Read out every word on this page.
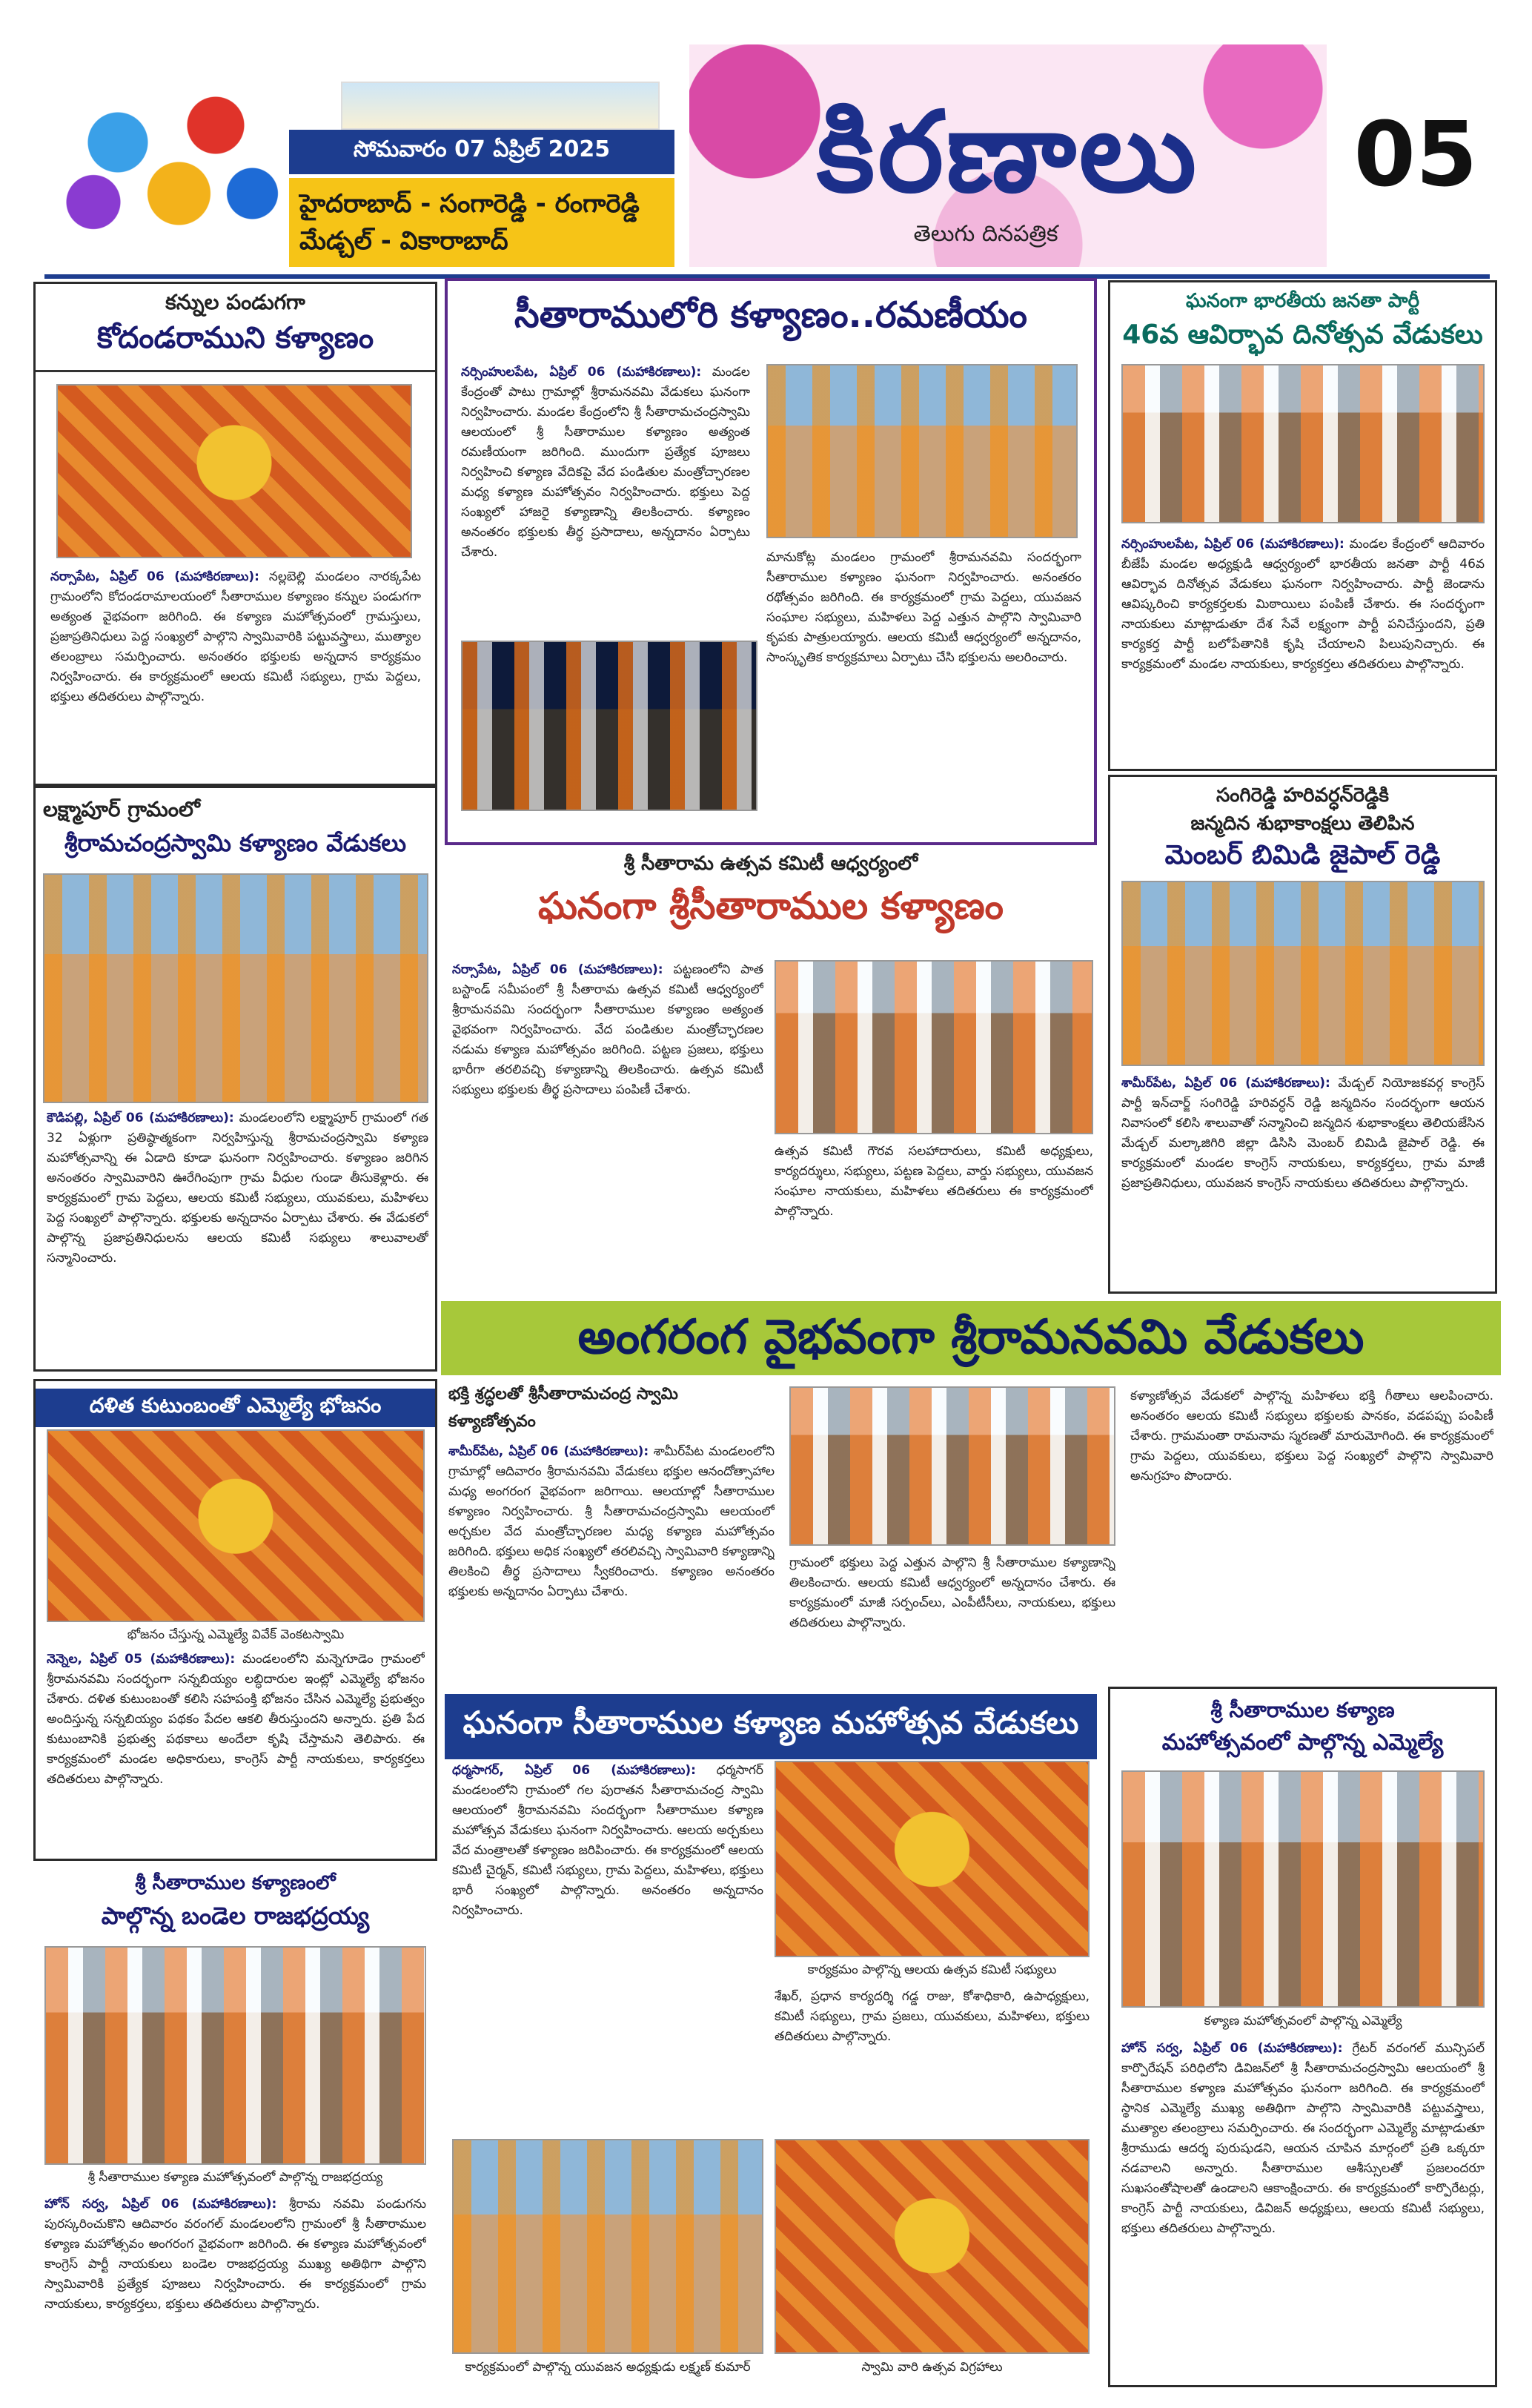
సోమవారం 07 ఏప్రిల్ 2025
హైదరాబాద్ - సంగారెడ్డి - రంగారెడ్డి
మేడ్చల్ - వికారాబాద్
కిరణాలు
తెలుగు దినపత్రిక
05
కన్నుల పండుగగా
కోదండరాముని కళ్యాణం
నర్సాపేట, ఏప్రిల్ 06 (మహాకిరణాలు): నల్లబెల్లి మండలం నారక్కపేట గ్రామంలోని కోదండరామాలయంలో సీతారాముల కళ్యాణం కన్నుల పండుగగా అత్యంత వైభవంగా జరిగింది. ఈ కళ్యాణ మహోత్సవంలో గ్రామస్తులు, ప్రజాప్రతినిధులు పెద్ద సంఖ్యలో పాల్గొని స్వామివారికి పట్టువస్త్రాలు, ముత్యాల తలంబ్రాలు సమర్పించారు. అనంతరం భక్తులకు అన్నదాన కార్యక్రమం నిర్వహించారు. ఈ కార్యక్రమంలో ఆలయ కమిటీ సభ్యులు, గ్రామ పెద్దలు, భక్తులు తదితరులు పాల్గొన్నారు.
సీతారాములోరి కళ్యాణం..రమణీయం
నర్సింహులపేట, ఏప్రిల్ 06 (మహాకిరణాలు): మండల కేంద్రంతో పాటు గ్రామాల్లో శ్రీరామనవమి వేడుకలు ఘనంగా నిర్వహించారు. మండల కేంద్రంలోని శ్రీ సీతారామచంద్రస్వామి ఆలయంలో శ్రీ సీతారాముల కళ్యాణం అత్యంత రమణీయంగా జరిగింది. ముందుగా ప్రత్యేక పూజలు నిర్వహించి కళ్యాణ వేదికపై వేద పండితుల మంత్రోచ్ఛారణల మధ్య కళ్యాణ మహోత్సవం నిర్వహించారు. భక్తులు పెద్ద సంఖ్యలో హాజరై కళ్యాణాన్ని తిలకించారు. కళ్యాణం అనంతరం భక్తులకు తీర్థ ప్రసాదాలు, అన్నదానం ఏర్పాటు చేశారు.	మానుకోట్ల మండలం గ్రామంలో శ్రీరామనవమి సందర్భంగా సీతారాముల కళ్యాణం ఘనంగా నిర్వహించారు. అనంతరం రథోత్సవం జరిగింది. ఈ కార్యక్రమంలో గ్రామ పెద్దలు, యువజన సంఘాల సభ్యులు, మహిళలు పెద్ద ఎత్తున పాల్గొని స్వామివారి కృపకు పాత్రులయ్యారు. ఆలయ కమిటీ ఆధ్వర్యంలో అన్నదానం, సాంస్కృతిక కార్యక్రమాలు ఏర్పాటు చేసి భక్తులను అలరించారు.
ఘనంగా భారతీయ జనతా పార్టీ
46వ ఆవిర్భావ దినోత్సవ వేడుకలు
నర్సింహులపేట, ఏప్రిల్ 06 (మహాకిరణాలు): మండల కేంద్రంలో ఆదివారం బీజేపీ మండల అధ్యక్షుడి ఆధ్వర్యంలో భారతీయ జనతా పార్టీ 46వ ఆవిర్భావ దినోత్సవ వేడుకలు ఘనంగా నిర్వహించారు. పార్టీ జెండాను ఆవిష్కరించి కార్యకర్తలకు మిఠాయిలు పంపిణీ చేశారు. ఈ సందర్భంగా నాయకులు మాట్లాడుతూ దేశ సేవే లక్ష్యంగా పార్టీ పనిచేస్తుందని, ప్రతి కార్యకర్త పార్టీ బలోపేతానికి కృషి చేయాలని పిలుపునిచ్చారు. ఈ కార్యక్రమంలో మండల నాయకులు, కార్యకర్తలు తదితరులు పాల్గొన్నారు.
లక్ష్మాపూర్ గ్రామంలో
శ్రీరామచంద్రస్వామి కళ్యాణం వేడుకలు
కౌడిపల్లి, ఏప్రిల్ 06 (మహాకిరణాలు): మండలంలోని లక్ష్మాపూర్ గ్రామంలో గత 32 ఏళ్లుగా ప్రతిష్ఠాత్మకంగా నిర్వహిస్తున్న శ్రీరామచంద్రస్వామి కళ్యాణ మహోత్సవాన్ని ఈ ఏడాది కూడా ఘనంగా నిర్వహించారు. కళ్యాణం జరిగిన అనంతరం స్వామివారిని ఊరేగింపుగా గ్రామ వీధుల గుండా తీసుకెళ్లారు. ఈ కార్యక్రమంలో గ్రామ పెద్దలు, ఆలయ కమిటీ సభ్యులు, యువకులు, మహిళలు పెద్ద సంఖ్యలో పాల్గొన్నారు. భక్తులకు అన్నదానం ఏర్పాటు చేశారు. ఈ వేడుకలో పాల్గొన్న ప్రజాప్రతినిధులను ఆలయ కమిటీ సభ్యులు శాలువాలతో సన్మానించారు.
శ్రీ సీతారామ ఉత్సవ కమిటీ ఆధ్వర్యంలో
ఘనంగా శ్రీసీతారాముల కళ్యాణం
నర్సాపేట, ఏప్రిల్ 06 (మహాకిరణాలు): పట్టణంలోని పాత బస్టాండ్ సమీపంలో శ్రీ సీతారామ ఉత్సవ కమిటీ ఆధ్వర్యంలో శ్రీరామనవమి సందర్భంగా సీతారాముల కళ్యాణం అత్యంత వైభవంగా నిర్వహించారు. వేద పండితుల మంత్రోచ్ఛారణల నడుమ కళ్యాణ మహోత్సవం జరిగింది. పట్టణ ప్రజలు, భక్తులు భారీగా తరలివచ్చి కళ్యాణాన్ని తిలకించారు. ఉత్సవ కమిటీ సభ్యులు భక్తులకు తీర్థ ప్రసాదాలు పంపిణీ చేశారు.
ఉత్సవ కమిటీ గౌరవ సలహాదారులు, కమిటీ అధ్యక్షులు, కార్యదర్శులు, సభ్యులు, పట్టణ పెద్దలు, వార్డు సభ్యులు, యువజన సంఘాల నాయకులు, మహిళలు తదితరులు ఈ కార్యక్రమంలో పాల్గొన్నారు.
సంగిరెడ్డి హరివర్ధన్‌రెడ్డికి
జన్మదిన శుభాకాంక్షలు తెలిపిన
మెంబర్ బిమిడి జైపాల్ రెడ్డి
శామీర్‌పేట, ఏప్రిల్ 06 (మహాకిరణాలు): మేడ్చల్ నియోజకవర్గ కాంగ్రెస్ పార్టీ ఇన్‌చార్జ్ సంగిరెడ్డి హరివర్ధన్ రెడ్డి జన్మదినం సందర్భంగా ఆయన నివాసంలో కలిసి శాలువాతో సన్మానించి జన్మదిన శుభాకాంక్షలు తెలియజేసిన మేడ్చల్ మల్కాజిగిరి జిల్లా డిసిసి మెంబర్ బిమిడి జైపాల్ రెడ్డి. ఈ కార్యక్రమంలో మండల కాంగ్రెస్ నాయకులు, కార్యకర్తలు, గ్రామ మాజీ ప్రజాప్రతినిధులు, యువజన కాంగ్రెస్ నాయకులు తదితరులు పాల్గొన్నారు.
అంగరంగ వైభవంగా శ్రీరామనవమి వేడుకలు
భక్తి శ్రద్ధలతో శ్రీసీతారామచంద్ర స్వామి
కళ్యాణోత్సవం
శామీర్‌పేట, ఏప్రిల్ 06 (మహాకిరణాలు): శామీర్‌పేట మండలంలోని గ్రామాల్లో ఆదివారం శ్రీరామనవమి వేడుకలు భక్తుల ఆనందోత్సాహాల మధ్య అంగరంగ వైభవంగా జరిగాయి. ఆలయాల్లో సీతారాముల కళ్యాణం నిర్వహించారు. శ్రీ సీతారామచంద్రస్వామి ఆలయంలో అర్చకుల వేద మంత్రోచ్ఛారణల మధ్య కళ్యాణ మహోత్సవం జరిగింది. భక్తులు అధిక సంఖ్యలో తరలివచ్చి స్వామివారి కళ్యాణాన్ని తిలకించి తీర్థ ప్రసాదాలు స్వీకరించారు. కళ్యాణం అనంతరం భక్తులకు అన్నదానం ఏర్పాటు చేశారు.
గ్రామంలో భక్తులు పెద్ద ఎత్తున పాల్గొని శ్రీ సీతారాముల కళ్యాణాన్ని తిలకించారు. ఆలయ కమిటీ ఆధ్వర్యంలో అన్నదానం చేశారు. ఈ కార్యక్రమంలో మాజీ సర్పంచ్‌లు, ఎంపీటీసీలు, నాయకులు, భక్తులు తదితరులు పాల్గొన్నారు.
కళ్యాణోత్సవ వేడుకలో పాల్గొన్న మహిళలు భక్తి గీతాలు ఆలపించారు. అనంతరం ఆలయ కమిటీ సభ్యులు భక్తులకు పానకం, వడపప్పు పంపిణీ చేశారు. గ్రామమంతా రామనామ స్మరణతో మారుమోగింది. ఈ కార్యక్రమంలో గ్రామ పెద్దలు, యువకులు, భక్తులు పెద్ద సంఖ్యలో పాల్గొని స్వామివారి అనుగ్రహం పొందారు.
దళిత కుటుంబంతో ఎమ్మెల్యే భోజనం
భోజనం చేస్తున్న ఎమ్మెల్యే వివేక్ వెంకటస్వామి
నెన్నెల, ఏప్రిల్ 05 (మహాకిరణాలు): మండలంలోని మన్నెగూడెం గ్రామంలో శ్రీరామనవమి సందర్భంగా సన్నబియ్యం లబ్ధిదారుల ఇంట్లో ఎమ్మెల్యే భోజనం చేశారు. దళిత కుటుంబంతో కలిసి సహపంక్తి భోజనం చేసిన ఎమ్మెల్యే ప్రభుత్వం అందిస్తున్న సన్నబియ్యం పథకం పేదల ఆకలి తీరుస్తుందని అన్నారు. ప్రతి పేద కుటుంబానికి ప్రభుత్వ పథకాలు అందేలా కృషి చేస్తామని తెలిపారు. ఈ కార్యక్రమంలో మండల అధికారులు, కాంగ్రెస్ పార్టీ నాయకులు, కార్యకర్తలు తదితరులు పాల్గొన్నారు.
శ్రీ సీతారాముల కళ్యాణంలో
పాల్గొన్న బండెల రాజభద్రయ్య
శ్రీ సీతారాముల కళ్యాణ మహోత్సవంలో పాల్గొన్న రాజభద్రయ్య
హోన్ సర్వ, ఏప్రిల్ 06 (మహాకిరణాలు): శ్రీరామ నవమి పండుగను పురస్కరించుకొని ఆదివారం వరంగల్ మండలంలోని గ్రామంలో శ్రీ సీతారాముల కళ్యాణ మహోత్సవం అంగరంగ వైభవంగా జరిగింది. ఈ కళ్యాణ మహోత్సవంలో కాంగ్రెస్ పార్టీ నాయకులు బండెల రాజభద్రయ్య ముఖ్య అతిథిగా పాల్గొని స్వామివారికి ప్రత్యేక పూజలు నిర్వహించారు. ఈ కార్యక్రమంలో గ్రామ నాయకులు, కార్యకర్తలు, భక్తులు తదితరులు పాల్గొన్నారు.
ఘనంగా సీతారాముల కళ్యాణ మహోత్సవ వేడుకలు
ధర్మసాగర్, ఏప్రిల్ 06 (మహాకిరణాలు): ధర్మసాగర్ మండలంలోని గ్రామంలో గల పురాతన సీతారామచంద్ర స్వామి ఆలయంలో శ్రీరామనవమి సందర్భంగా సీతారాముల కళ్యాణ మహోత్సవ వేడుకలు ఘనంగా నిర్వహించారు. ఆలయ అర్చకులు వేద మంత్రాలతో కళ్యాణం జరిపించారు. ఈ కార్యక్రమంలో ఆలయ కమిటీ చైర్మన్, కమిటీ సభ్యులు, గ్రామ పెద్దలు, మహిళలు, భక్తులు భారీ సంఖ్యలో పాల్గొన్నారు. అనంతరం అన్నదానం నిర్వహించారు.
కార్యక్రమం పాల్గొన్న ఆలయ ఉత్సవ కమిటీ సభ్యులు
శేఖర్, ప్రధాన కార్యదర్శి గడ్డ రాజు, కోశాధికారి, ఉపాధ్యక్షులు, కమిటీ సభ్యులు, గ్రామ ప్రజలు, యువకులు, మహిళలు, భక్తులు తదితరులు పాల్గొన్నారు.
కార్యక్రమంలో పాల్గొన్న యువజన అధ్యక్షుడు లక్ష్మణ్ కుమార్	స్వామి వారి ఉత్సవ విగ్రహాలు
శ్రీ సీతారాముల కళ్యాణ
మహోత్సవంలో పాల్గొన్న ఎమ్మెల్యే
కళ్యాణ మహోత్సవంలో పాల్గొన్న ఎమ్మెల్యే
హోన్ సర్వ, ఏప్రిల్ 06 (మహాకిరణాలు): గ్రేటర్ వరంగల్ మున్సిపల్ కార్పొరేషన్ పరిధిలోని డివిజన్‌లో శ్రీ సీతారామచంద్రస్వామి ఆలయంలో శ్రీ సీతారాముల కళ్యాణ మహోత్సవం ఘనంగా జరిగింది. ఈ కార్యక్రమంలో స్థానిక ఎమ్మెల్యే ముఖ్య అతిథిగా పాల్గొని స్వామివారికి పట్టువస్త్రాలు, ముత్యాల తలంబ్రాలు సమర్పించారు. ఈ సందర్భంగా ఎమ్మెల్యే మాట్లాడుతూ శ్రీరాముడు ఆదర్శ పురుషుడని, ఆయన చూపిన మార్గంలో ప్రతి ఒక్కరూ నడవాలని అన్నారు. సీతారాముల ఆశీస్సులతో ప్రజలందరూ సుఖసంతోషాలతో ఉండాలని ఆకాంక్షించారు. ఈ కార్యక్రమంలో కార్పొరేటర్లు, కాంగ్రెస్ పార్టీ నాయకులు, డివిజన్ అధ్యక్షులు, ఆలయ కమిటీ సభ్యులు, భక్తులు తదితరులు పాల్గొన్నారు.
